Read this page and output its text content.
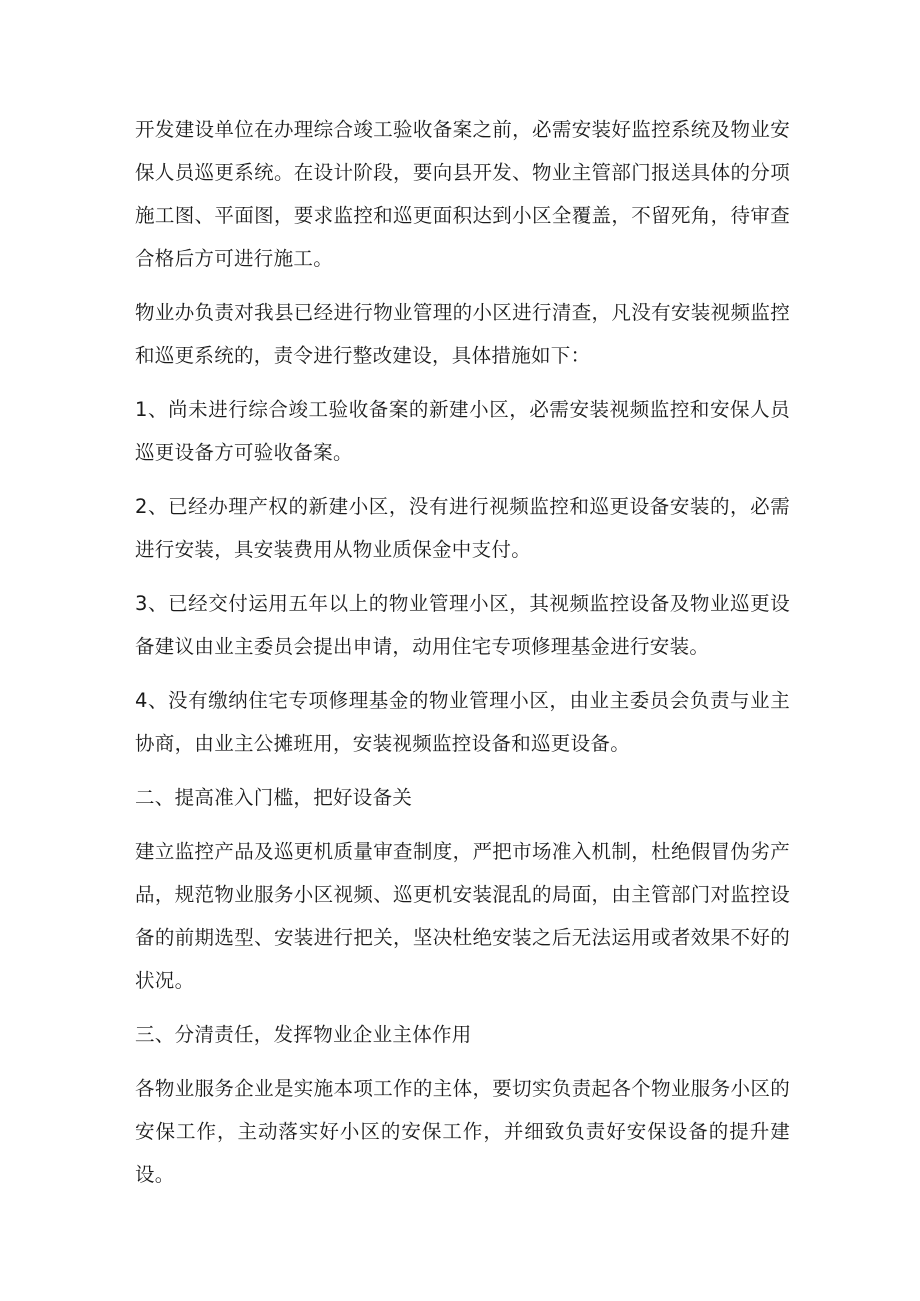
开发建设单位在办理综合竣工验收备案之前，必需安装好监控系统及物业安保人员巡更系统。在设计阶段，要向县开发、物业主管部门报送具体的分项施工图、平面图，要求监控和巡更面积达到小区全覆盖，不留死角，待审查合格后方可进行施工。

物业办负责对我县已经进行物业管理的小区进行清查，凡没有安装视频监控和巡更系统的，责令进行整改建设，具体措施如下：

1、尚未进行综合竣工验收备案的新建小区，必需安装视频监控和安保人员巡更设备方可验收备案。

2、已经办理产权的新建小区，没有进行视频监控和巡更设备安装的，必需进行安装，具安装费用从物业质保金中支付。

3、已经交付运用五年以上的物业管理小区，其视频监控设备及物业巡更设备建议由业主委员会提出申请，动用住宅专项修理基金进行安装。

4、没有缴纳住宅专项修理基金的物业管理小区，由业主委员会负责与业主协商，由业主公摊班用，安装视频监控设备和巡更设备。

二、提高准入门槛，把好设备关

建立监控产品及巡更机质量审查制度，严把市场准入机制，杜绝假冒伪劣产品，规范物业服务小区视频、巡更机安装混乱的局面，由主管部门对监控设备的前期选型、安装进行把关，坚决杜绝安装之后无法运用或者效果不好的状况。

三、分清责任，发挥物业企业主体作用

各物业服务企业是实施本项工作的主体，要切实负责起各个物业服务小区的安保工作，主动落实好小区的安保工作，并细致负责好安保设备的提升建设。
